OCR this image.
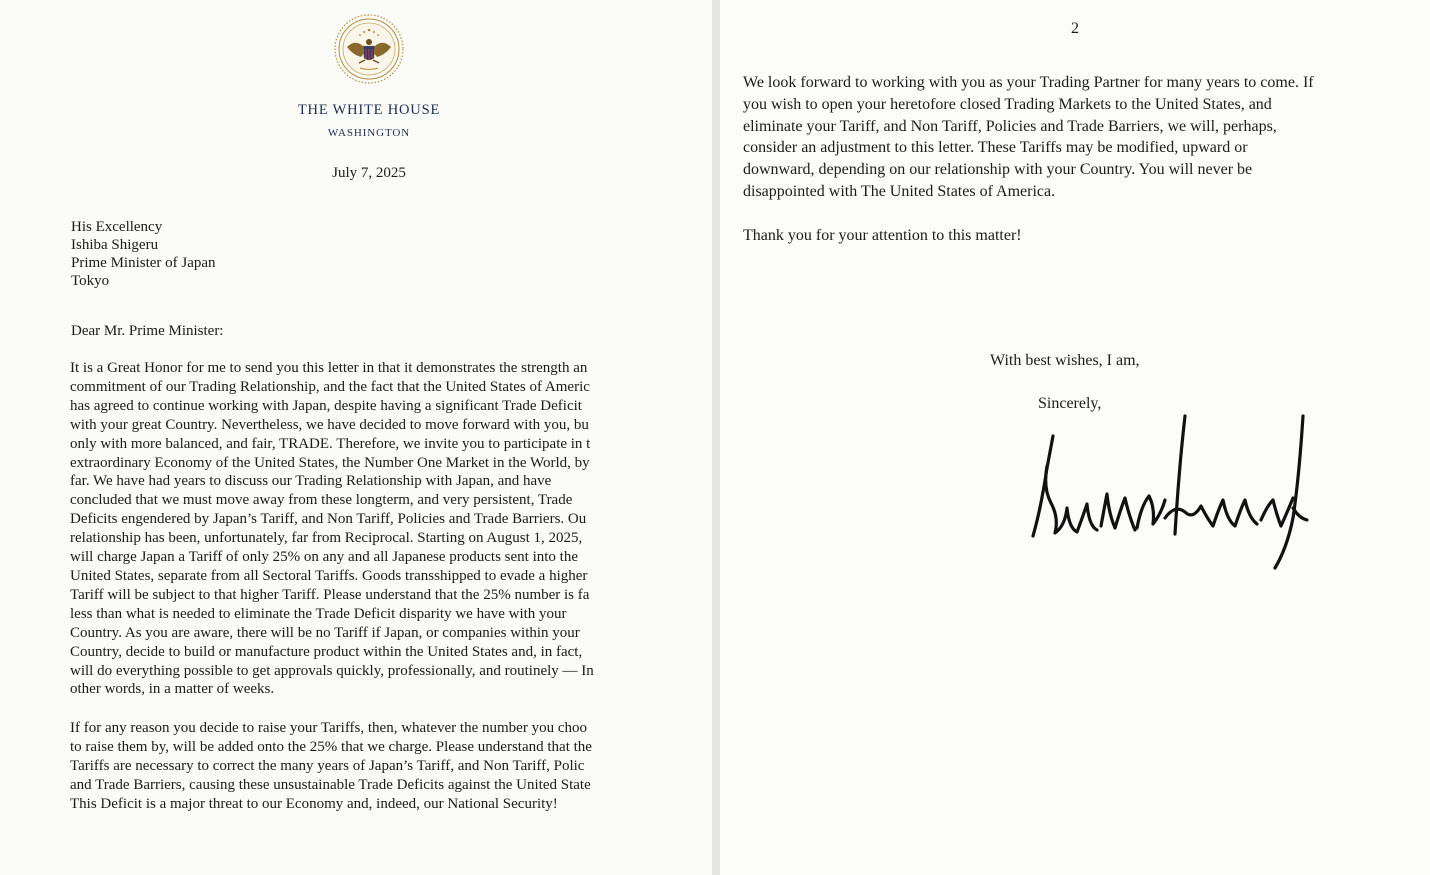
THE WHITE HOUSE
WASHINGTON
July 7, 2025
His Excellency
Ishiba Shigeru
Prime Minister of Japan
Tokyo
Dear Mr. Prime Minister:
It is a Great Honor for me to send you this letter in that it demonstrates the strength an
commitment of our Trading Relationship, and the fact that the United States of Americ
has agreed to continue working with Japan, despite having a significant Trade Deficit
with your great Country. Nevertheless, we have decided to move forward with you, bu
only with more balanced, and fair, TRADE. Therefore, we invite you to participate in t
extraordinary Economy of the United States, the Number One Market in the World, by
far. We have had years to discuss our Trading Relationship with Japan, and have
concluded that we must move away from these longterm, and very persistent, Trade
Deficits engendered by Japan’s Tariff, and Non Tariff, Policies and Trade Barriers. Ou
relationship has been, unfortunately, far from Reciprocal. Starting on August 1, 2025,
will charge Japan a Tariff of only 25% on any and all Japanese products sent into the
United States, separate from all Sectoral Tariffs. Goods transshipped to evade a higher
Tariff will be subject to that higher Tariff. Please understand that the 25% number is fa
less than what is needed to eliminate the Trade Deficit disparity we have with your
Country. As you are aware, there will be no Tariff if Japan, or companies within your
Country, decide to build or manufacture product within the United States and, in fact,
will do everything possible to get approvals quickly, professionally, and routinely — In
other words, in a matter of weeks.
If for any reason you decide to raise your Tariffs, then, whatever the number you choo
to raise them by, will be added onto the 25% that we charge. Please understand that the
Tariffs are necessary to correct the many years of Japan’s Tariff, and Non Tariff, Polic
and Trade Barriers, causing these unsustainable Trade Deficits against the United State
This Deficit is a major threat to our Economy and, indeed, our National Security!
2
We look forward to working with you as your Trading Partner for many years to come. If
you wish to open your heretofore closed Trading Markets to the United States, and
eliminate your Tariff, and Non Tariff, Policies and Trade Barriers, we will, perhaps,
consider an adjustment to this letter. These Tariffs may be modified, upward or
downward, depending on our relationship with your Country. You will never be
disappointed with The United States of America.
Thank you for your attention to this matter!
With best wishes, I am,
Sincerely,
